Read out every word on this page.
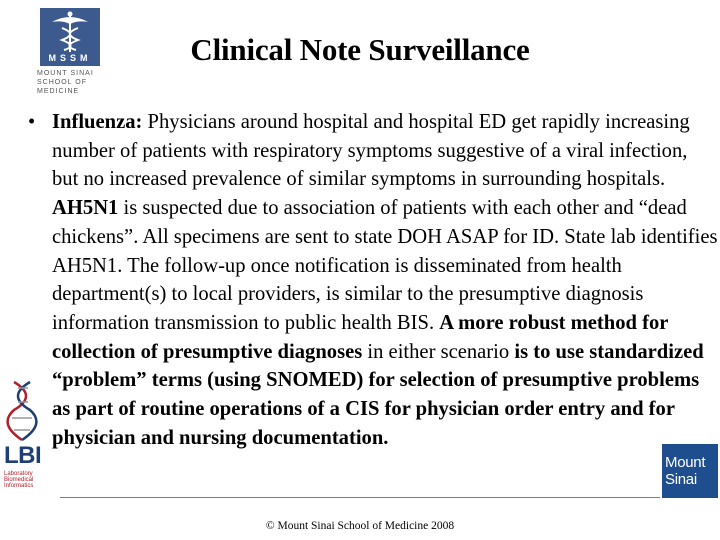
MSSM
MOUNT SINAI
SCHOOL OF
MEDICINE
Clinical Note Surveillance
• Influenza: Physicians around hospital and hospital ED get rapidly increasing number of patients with respiratory symptoms suggestive of a viral infection, but no increased prevalence of similar symptoms in surrounding hospitals. AH5N1 is suspected due to association of patients with each other and “dead chickens”. All specimens are sent to state DOH ASAP for ID. State lab identifies AH5N1. The follow-up once notification is disseminated from health department(s) to local providers, is similar to the presumptive diagnosis information transmission to public health BIS. A more robust method for collection of presumptive diagnoses in either scenario is to use standardized “problem” terms (using SNOMED) for selection of presumptive problems as part of routine operations of a CIS for physician order entry and for physician and nursing documentation.
LBI
Laboratory
Biomedical
Informatics
Mount
Sinai
© Mount Sinai School of Medicine 2008
